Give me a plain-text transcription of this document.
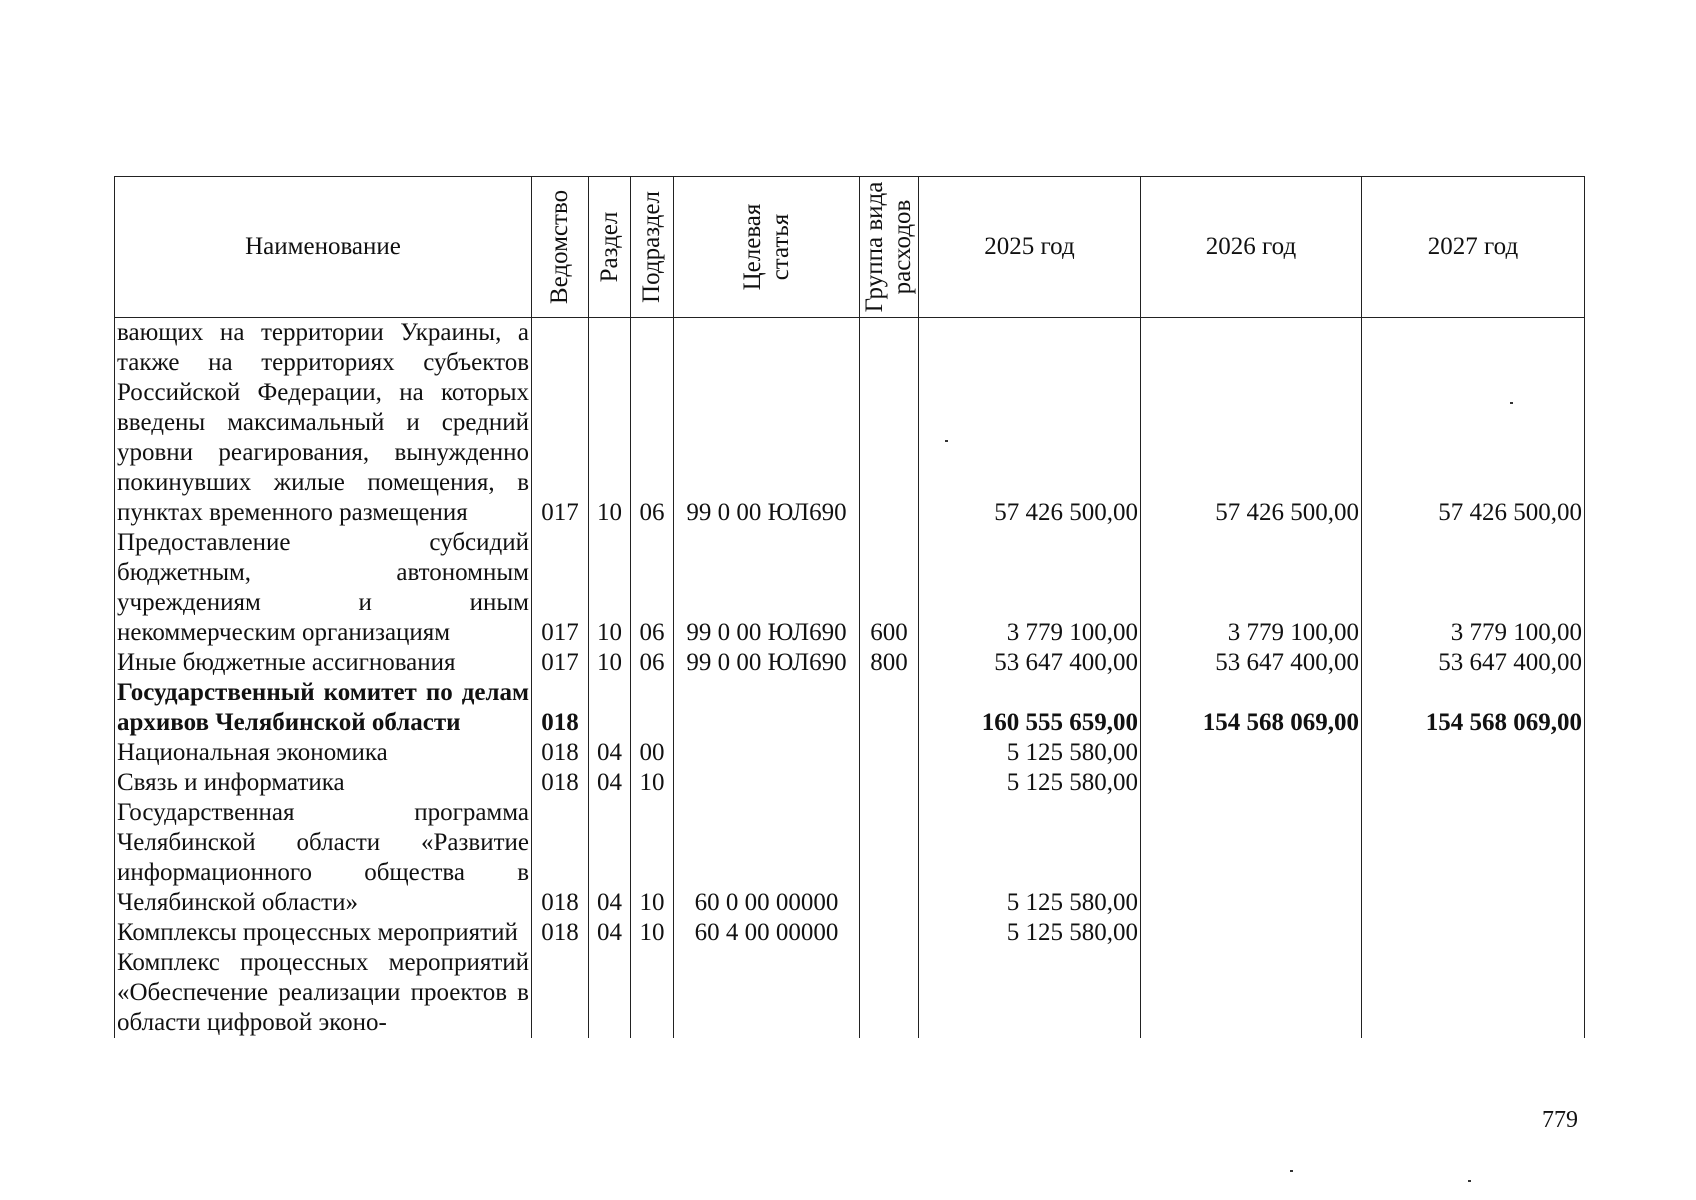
Наименование	Ведомство	Раздел	Подраздел	Целевая
статья	Группа вида
расходов	2025 год	2026 год	2027 год
вающих на территории Украины, а также на территориях субъектов Российской Федерации, на которых введены максимальный и средний уровни реагирования, вынужденно покинувших жилые помещения, в пунктах временного размещения	017	10	06	99 0 00 ЮЛ690		57 426 500,00	57 426 500,00	57 426 500,00
Предоставление субсидий бюджетным, автономным учреждениям и иным некоммерческим организациям	017	10	06	99 0 00 ЮЛ690	600	3 779 100,00	3 779 100,00	3 779 100,00
Иные бюджетные ассигнования	017	10	06	99 0 00 ЮЛ690	800	53 647 400,00	53 647 400,00	53 647 400,00
Государственный комитет по делам архивов Челябинской области	018					160 555 659,00	154 568 069,00	154 568 069,00
Национальная экономика	018	04	00			5 125 580,00		
Связь и информатика	018	04	10			5 125 580,00		
Государственная программа Челябинской области «Развитие информационного общества в Челябинской области»	018	04	10	60 0 00 00000		5 125 580,00		
Комплексы процессных мероприятий	018	04	10	60 4 00 00000		5 125 580,00		
Комплекс процессных мероприятий «Обеспечение реализации проектов в области цифровой эконо-								
779
